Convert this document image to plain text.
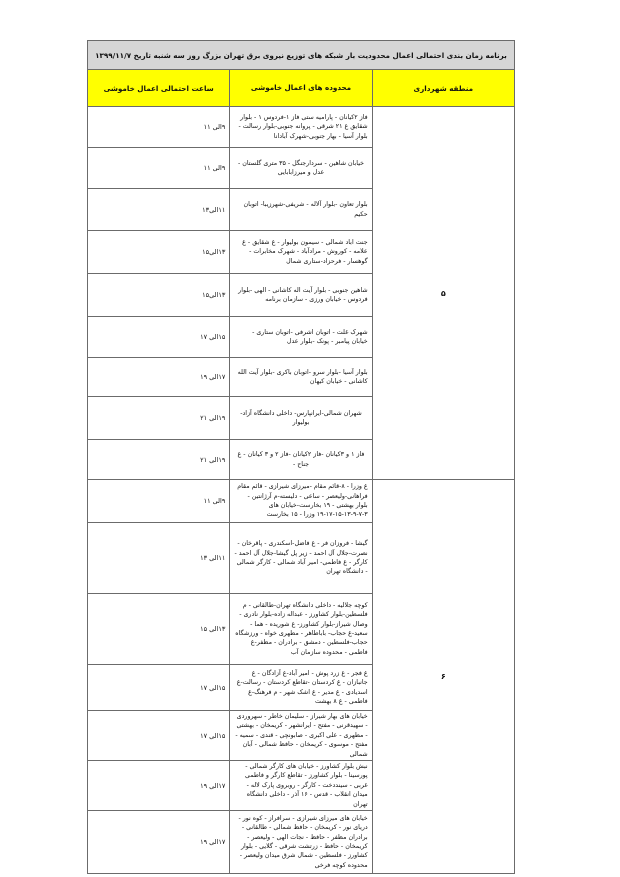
برنامه زمان بندی احتمالی اعمال محدودیت بار شبکه های توزیع نیروی برق تهران بزرگ روز سه شنبه تاریخ ۱۳۹۹/۱۱/۷		
منطقه شهرداری	محدوده های اعمال خاموشی	ساعت احتمالی اعمال خاموشی
۵	فاز ۲کیانان - پارامیه ستی فاز ۱-فردوس ۱ - بلوار شقایق غ ۲۱ شرقی - پروانه جنوبی-بلوار رسالت - بلوار آسیا - بهار جنوبی-شهرک آبادانا	۹الی ۱۱
	خیابان شاهین - سردارجنگل - ۳۵ متری گلستان - عدل و میرزابابایی	۹الی ۱۱
	بلوار تعاون -بلوار آلاله - شریفی-شهرزیبا- اتوبان حکیم	۱۱الی۱۳
	جنت اباد شمالی - سیمون بولیوار - غ شقایق - غ علامه - کوروش - مرادآباد - شهرک مخابرات - گوهسار - فرحزاد-ستاری شمال	۱۳الی۱۵
	شاهین جنوبی - بلوار آیت اله کاشانی - الهی -بلوار فردوس - خیابان ورزی - سازمان برنامه	۱۳الی۱۵
	شهرک غلت - اتوبان اشرفی -اتوبان ستاری - خیابان پیامبر - پونک -بلوار عدل	۱۵الی ۱۷
	بلوار آسیا -بلوار سرو -اتوبان باکری -بلوار آیت الله کاشانی - خیابان کیهان	۱۷الی ۱۹
	شهران شمالی-ایرانپارس- داخلی دانشگاه آزاد-بولیوار	۱۹الی ۲۱
	فاز ۱ و ۳کیانان -فاز ۲کیانان -فاز ۲ و ۳ کیانان - غ جناح -	۱۹الی ۲۱
۶	غ وزرا - ۸-قائم مقام -میرزای شیرازی - قائم مقام فراهانی-ولیعصر - ساعی - دلیسته-م آرژانتین - بلوار بهشتی - ۱۹ بخارست-خیابان های ۳-۷-۹-۱۳-۱۵-۱۷-۱۹ وزرا - ۱۵ بخارست	۹الی ۱۱
	گیشا - فروزان فر - غ فاضل-اسکندری - پاقرخان - نصرت-جلال آل احمد - زیر پل گیشا-جلال آل احمد - کارگر - غ فاطمی- امیر آباد شمالی - کارگر شمالی - دانشگاه تهران	۱۱الی ۱۳
	کوچه جلالیه - داخلی دانشگاه تهران-طالقانی - م فلسطین-بلوار کشاورز - عبداله زاده-بلوار نادری - وصال شیراز-بلوار کشاورز- غ شوریده - هما - سعید-غ حجاب- باباطاهر - مطهری خواه - ورزشگاه حجاب-فلسطین - دمشق - برادران - مظفر-غ فاطمی - محدوده سازمان آب	۱۳الی ۱۵
	غ فجر - غ زرد پوش - امیر آباد-غ آزادگان - غ جانبازان - غ کردستان -تقاطع کردستان - رسالت-غ اسدیادی - غ مدیر - غ اشک شهر - م فرهنگ-غ فاطمی - غ ۸ بهشت	۱۵الی ۱۷
	خیابان های بهار شیراز - سلیمان خاطر - سهروردی - سهیدقرنی - مفتح - ایرانشهر - کریمخان - بهشتی - مطهری - علی اکبری - صابونچی - قندی - سمیه - مفتح - موسوی - کریمخان - حافظ شمالی - آبان شمالی	۱۵الی ۱۷
	نبش بلوار کشاورز - خیابان های کارگر شمالی - پورسینا - بلوار کشاورز - تقاطع کارگر و فاطمی غربی - سینددخت - کارگر - روبروی پارک لاله - میدان انقلاب - قدس - ۱۶ آذر - داخلی دانشگاه تهران	۱۷الی ۱۹
	خیابان های میرزای شیرازی - سرافراز - کوه نور - دریای نور - کریمخان - حافظ شمالی - طالقانی - برادران مظفر - حافظ - نجات الهی - ولیعصر - کریمخان - حافظ - زرتشت شرقی - گلایی - بلوار کشاورز - فلسطین - شمال شرق میدان ولیعصر - محدوده کوچه فرخی	۱۷الی ۱۹
